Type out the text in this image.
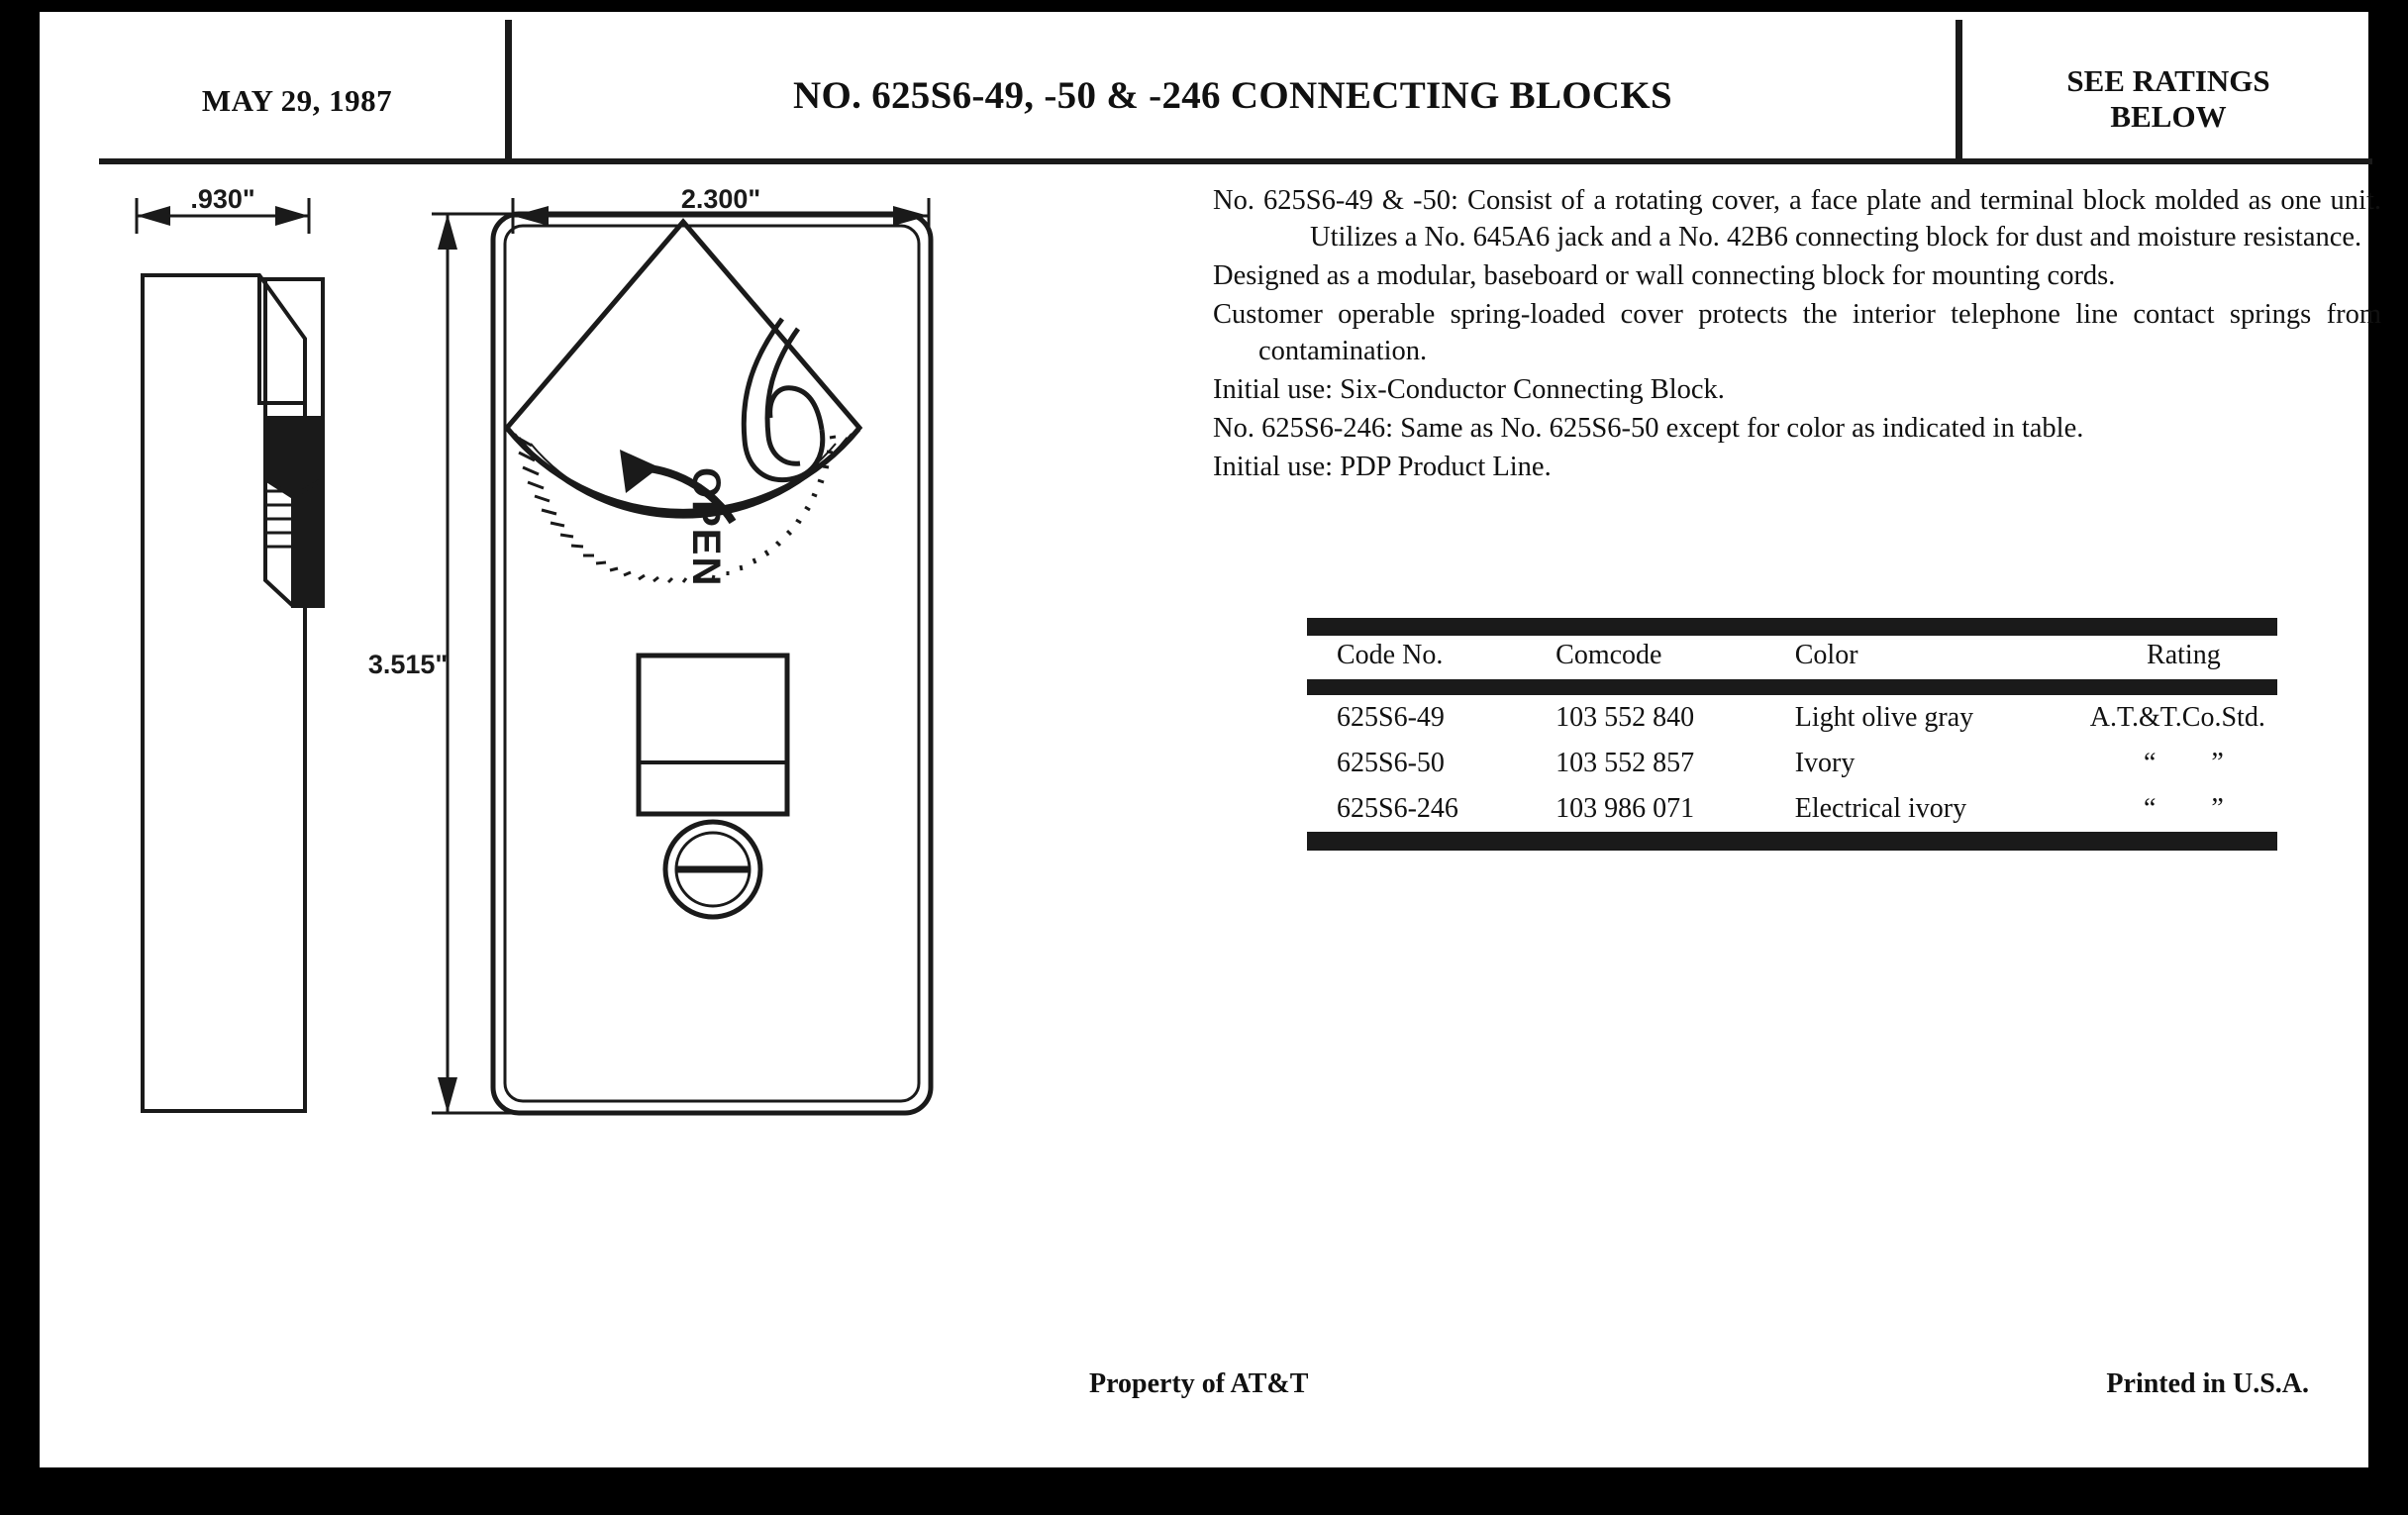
MAY 29, 1987	NO. 625S6-49, -50 & -246 CONNECTING BLOCKS	SEE RATINGS
BELOW
OPEN
.930"	2.300"
3.515"
No. 625S6-49 & -50: Consist of a rotating cover, a face plate and terminal block molded as one unit. Utilizes a No. 645A6 jack and a No. 42B6 connecting block for dust and moisture resistance.
Designed as a modular, baseboard or wall connecting block for mounting cords.
Customer operable spring-loaded cover protects the interior telephone line contact springs from contamination.
Initial use: Six-Conductor Connecting Block.
No. 625S6-246: Same as No. 625S6-50 except for color as indicated in table.
Initial use: PDP Product Line.

Code No.	Comcode	Color	Rating

625S6-49	103 552 840	Light olive gray	A.T.&T.Co.Std.
625S6-50	103 552 857	Ivory	“  ”
625S6-246	103 986 071	Electrical ivory	“  ”

Property of AT&T	Printed in U.S.A.
